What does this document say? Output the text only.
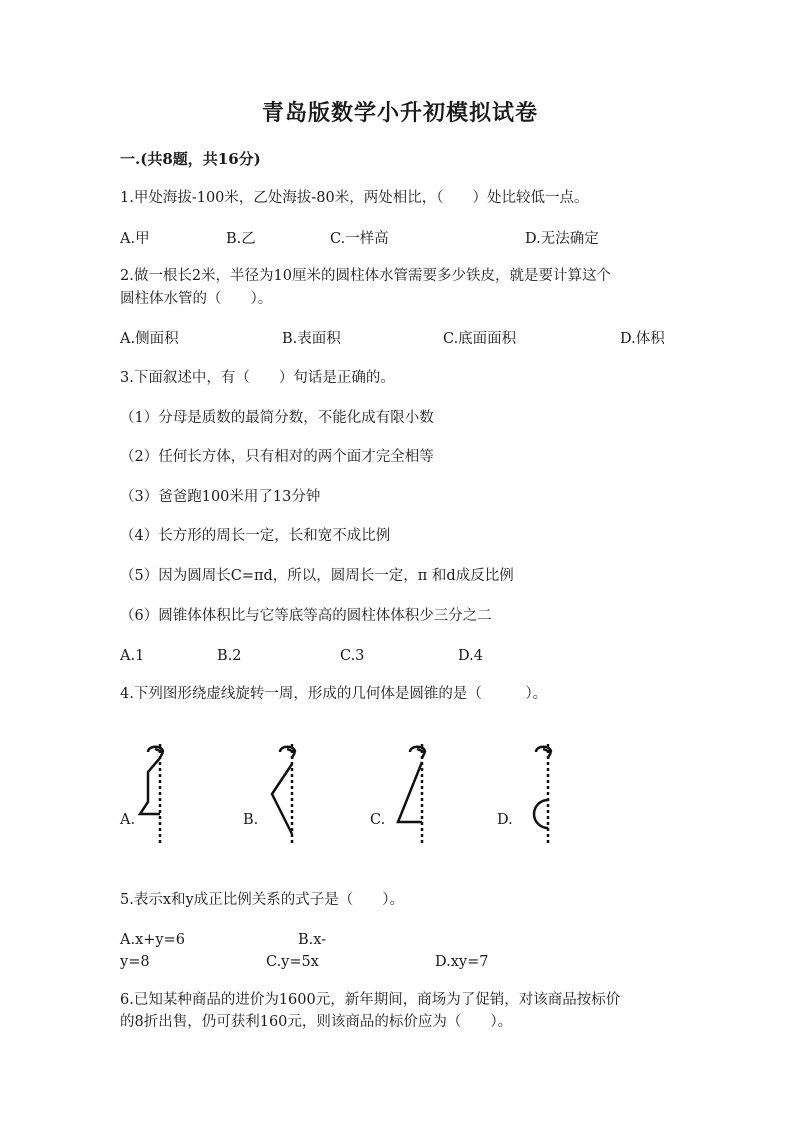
青岛版数学小升初模拟试卷
一.(共8题，共16分)
1.甲处海拔-100米，乙处海拔-80米，两处相比，（　　）处比较低一点。
A.甲	B.乙	C.一样高	D.无法确定
2.做一根长2米，半径为10厘米的圆柱体水管需要多少铁皮，就是要计算这个
圆柱体水管的（　　）。
A.侧面积	B.表面积	C.底面面积	D.体积
3.下面叙述中，有（　　）句话是正确的。
（1）分母是质数的最简分数，不能化成有限小数
（2）任何长方体，只有相对的两个面才完全相等
（3）爸爸跑100米用了13分钟
（4）长方形的周长一定，长和宽不成比例
（5）因为圆周长C=πd，所以，圆周长一定，π 和d成反比例
（6）圆锥体体积比与它等底等高的圆柱体体积少三分之二
A.1	B.2	C.3	D.4
4.下列图形绕虚线旋转一周，形成的几何体是圆锥的是（　　　）。
A.	B.	C.	D.
5.表示x和y成正比例关系的式子是（　　）。
A.x+y=6	B.x-
y=8	C.y=5x	D.xy=7
6.已知某种商品的进价为1600元，新年期间，商场为了促销，对该商品按标价
的8折出售，仍可获利160元，则该商品的标价应为（　　）。
